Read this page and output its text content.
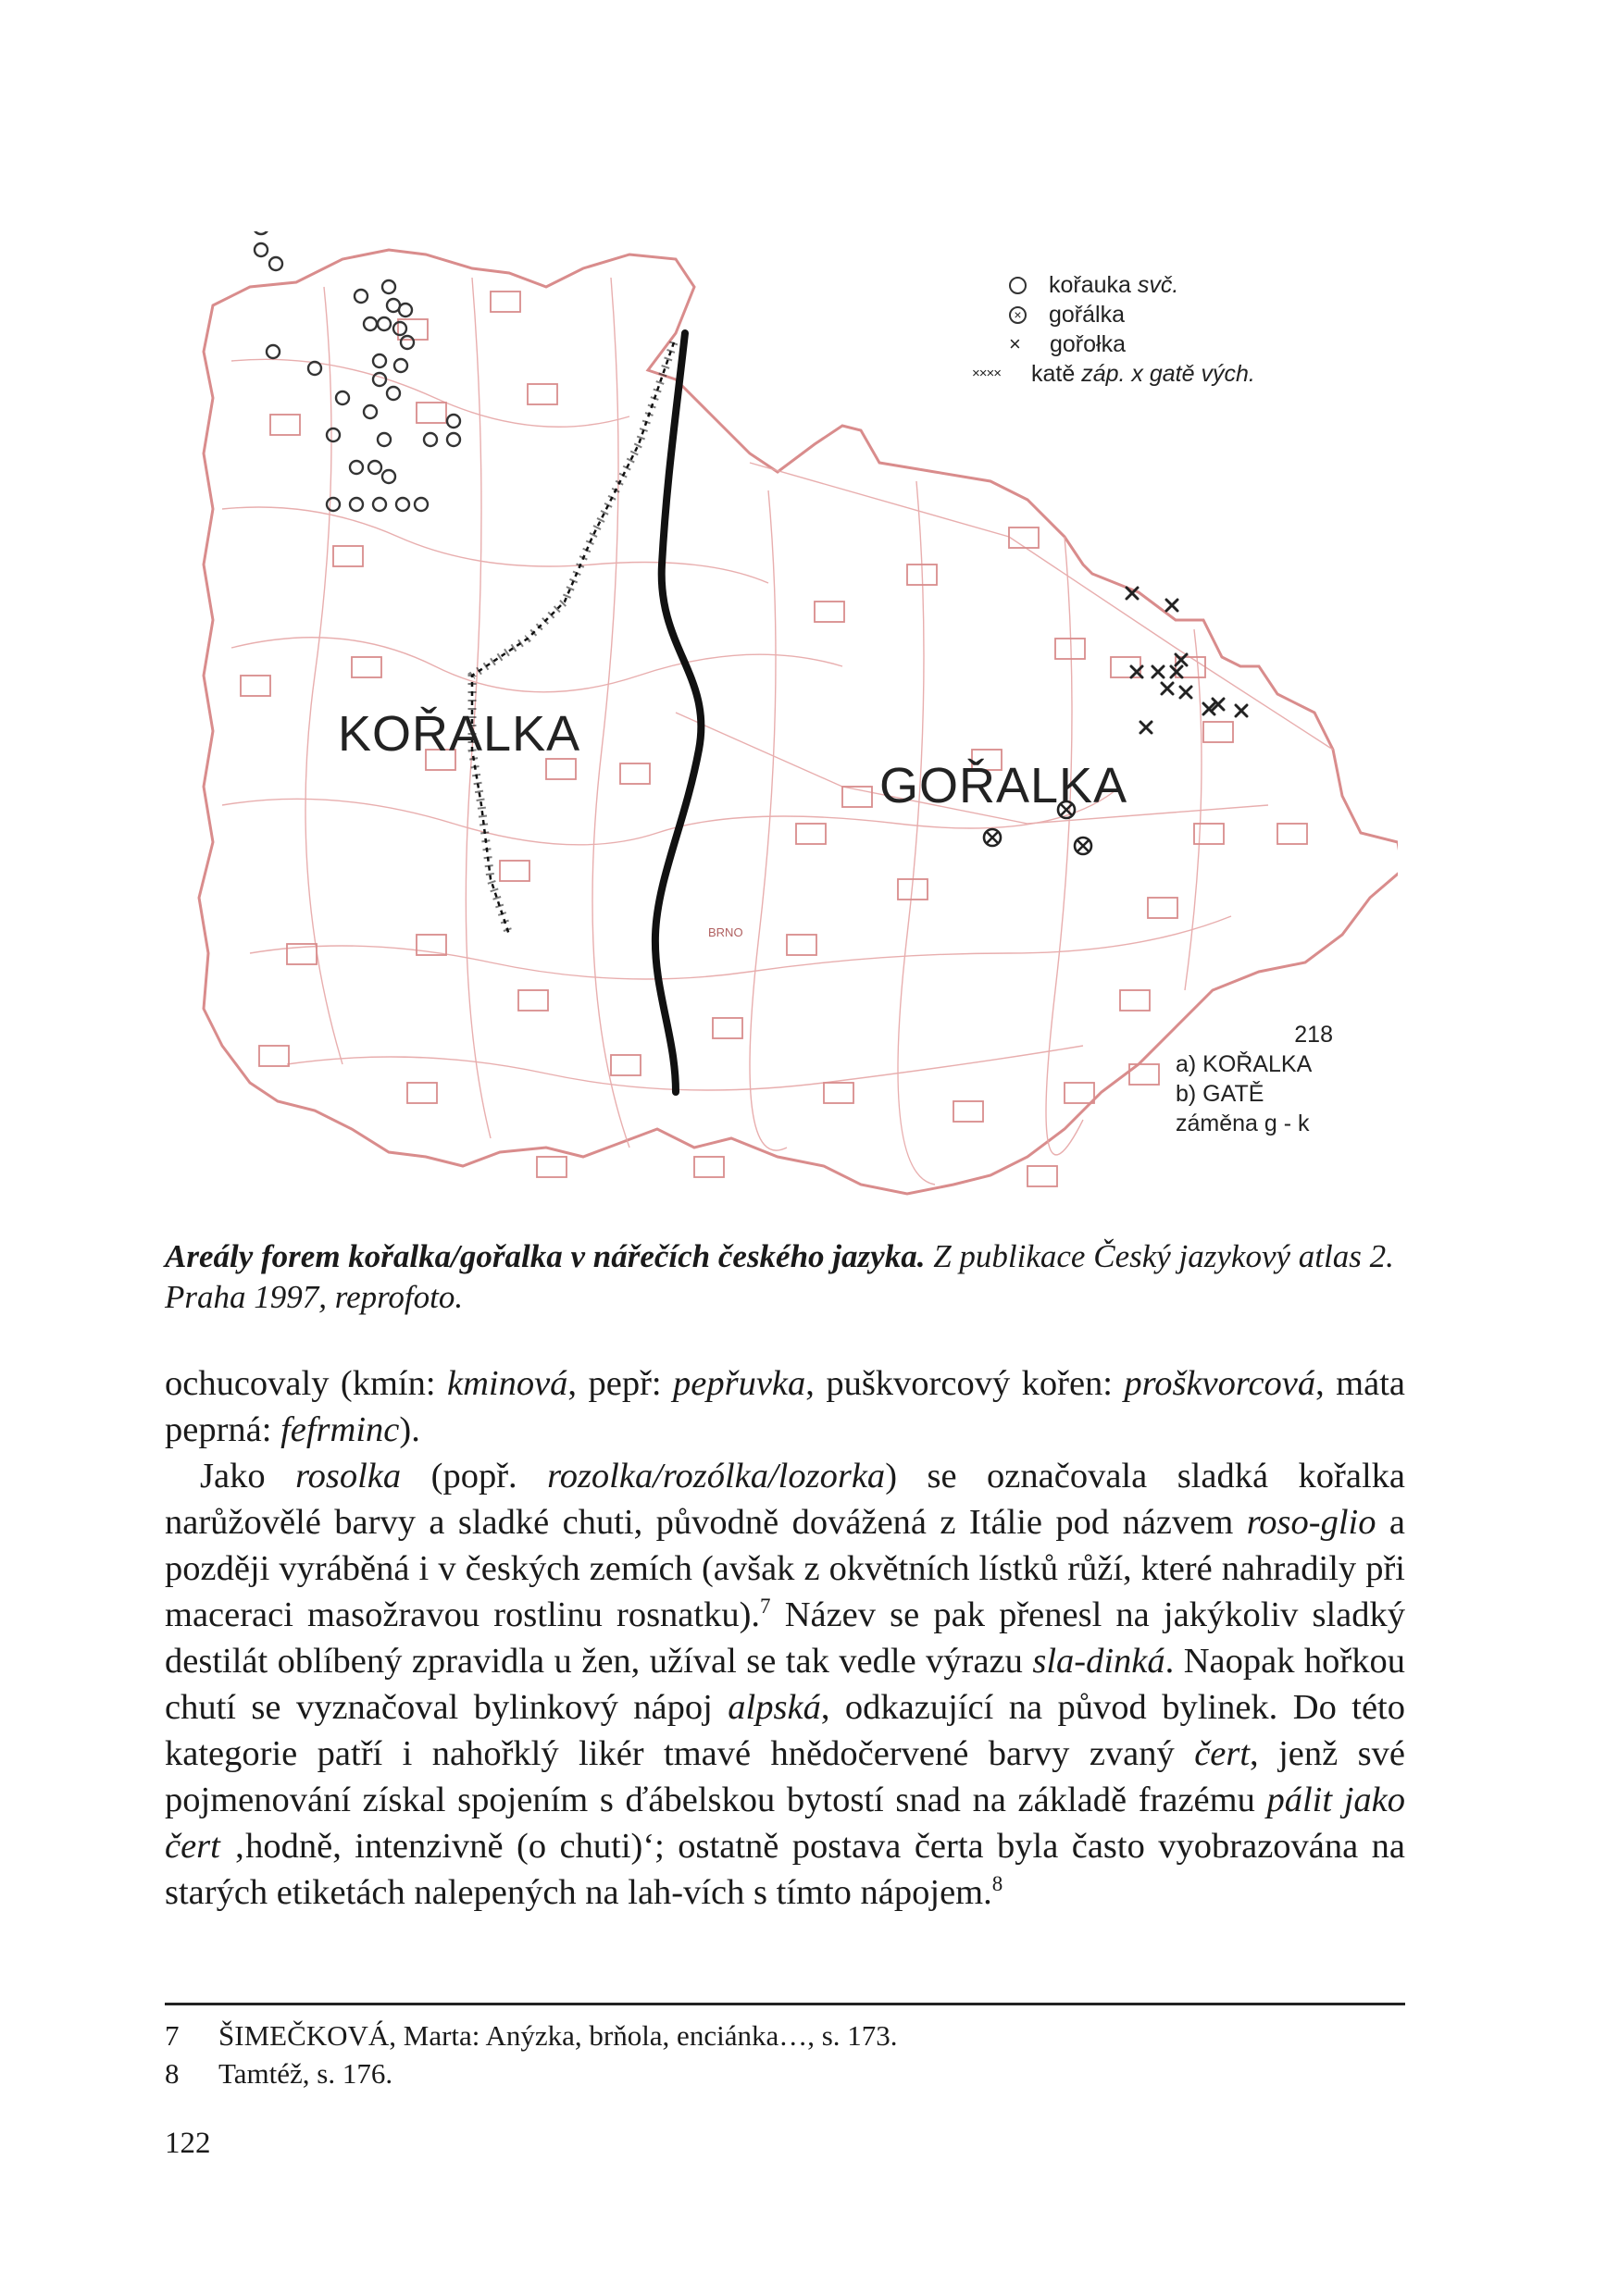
kořauka
svč.
× gořálka
× gořołka
××××	katě
záp. x gatě vých.
KOŘALKA
GOŘALKA
BRNO
218
a) KOŘALKA
b) GATĚ
záměna g - k
Areály forem kořalka/gořalka v nářečích českého jazyka. Z publikace Český jazykový atlas 2. Praha 1997, reprofoto.

ochucovaly (kmín: kminová, pepř: pepřuvka, puškvorcový kořen: proškvorcová, máta peprná: fefrminc).

Jako rosolka (popř. rozolka/rozólka/lozorka) se označovala sladká kořalka narůžovělé barvy a sladké chuti, původně dovážená z Itálie pod názvem roso-glio a později vyráběná i v českých zemích (avšak z okvětních lístků růží, které nahradily při maceraci masožravou rostlinu rosnatku).$^7$ Název se pak přenesl na jakýkoliv sladký destilát oblíbený zpravidla u žen, užíval se tak vedle výrazu sla-dinká. Naopak hořkou chutí se vyznačoval bylinkový nápoj alpská, odkazující na původ bylinek. Do této kategorie patří i nahořklý likér tmavé hnědočervené barvy zvaný čert, jenž své pojmenování získal spojením s ďábelskou bytostí snad na základě frazému pálit jako čert ‚hodně, intenzivně (o chuti)‘; ostatně postava čerta byla často vyobrazována na starých etiketách nalepených na lah-vích s tímto nápojem.$^8$

7 ŠIMEČKOVÁ, Marta: Anýzka, brňola, enciánka…, s. 173.
8 Tamtéž, s. 176.
122
